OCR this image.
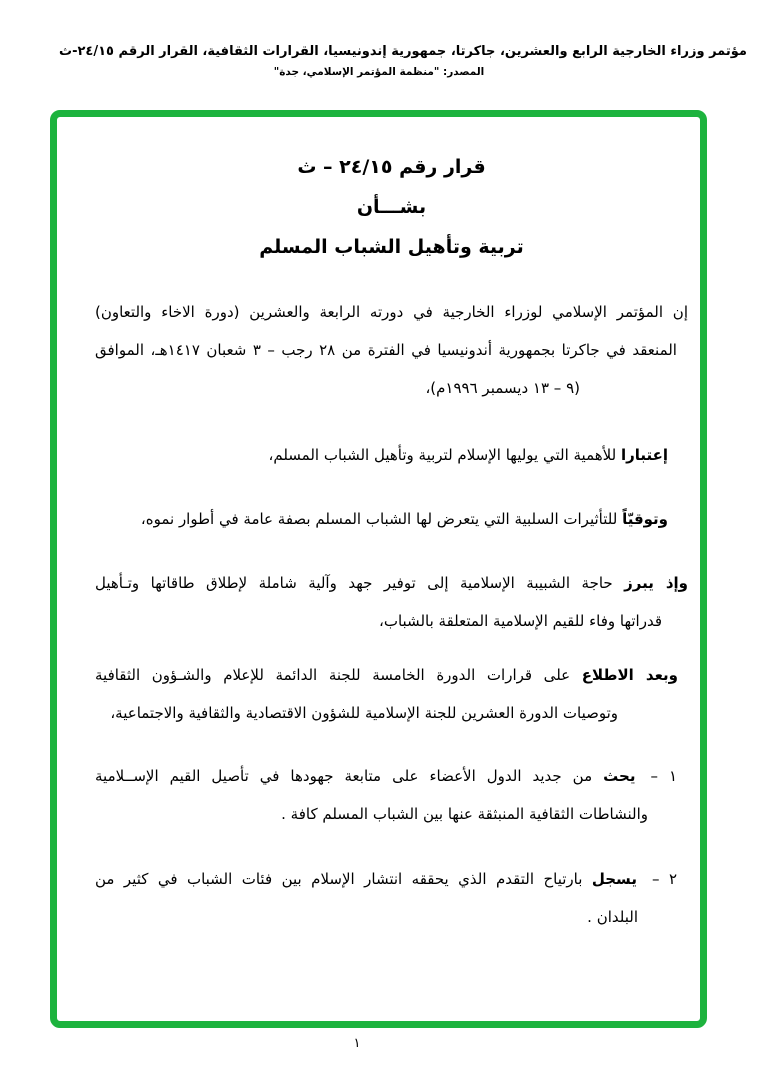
مؤتمر وزراء الخارجية الرابع والعشرين، جاكرتا، جمهورية إندونيسيا، القرارات الثقافية، القرار الرقم ٢٤/١٥-ث
المصدر: "منظمة المؤتمر الإسلامي، جدة"
قرار رقم ٢٤/١٥ – ث
بشـــأن
تربية وتأهيل الشباب المسلم
إن المؤتمر الإسلامي لوزراء الخارجية في دورته الرابعة والعشرين (دورة الاخاء والتعاون)
المنعقد في جاكرتا بجمهورية أندونيسيا في الفترة من ٢٨ رجب – ٣ شعبان ١٤١٧هـ، الموافق
(٩ – ١٣ ديسمبر ١٩٩٦م)،
إعتبارا للأهمية التي يوليها الإسلام لتربية وتأهيل الشباب المسلم،
وتوقيّاً للتأثيرات السلبية التي يتعرض لها الشباب المسلم بصفة عامة في أطوار نموه،
وإذ يبرز حاجة الشبيبة الإسلامية إلى توفير جهد وآلية شاملة لإطلاق طاقاتها وتـأهيل
قدراتها وفاء للقيم الإسلامية المتعلقة بالشباب،
وبعد الاطلاع على قرارات الدورة الخامسة للجنة الدائمة للإعلام والشـؤون الثقافية
وتوصيات الدورة العشرين للجنة الإسلامية للشؤون الاقتصادية والثقافية والاجتماعية،
١ –يحث من جديد الدول الأعضاء على متابعة جهودها في تأصيل القيم الإســلامية
والنشاطات الثقافية المنبثقة عنها بين الشباب المسلم كافة .
٢ –يسجل بارتياح التقدم الذي يحققه انتشار الإسلام بين فئات الشباب في كثير من
البلدان .
١
